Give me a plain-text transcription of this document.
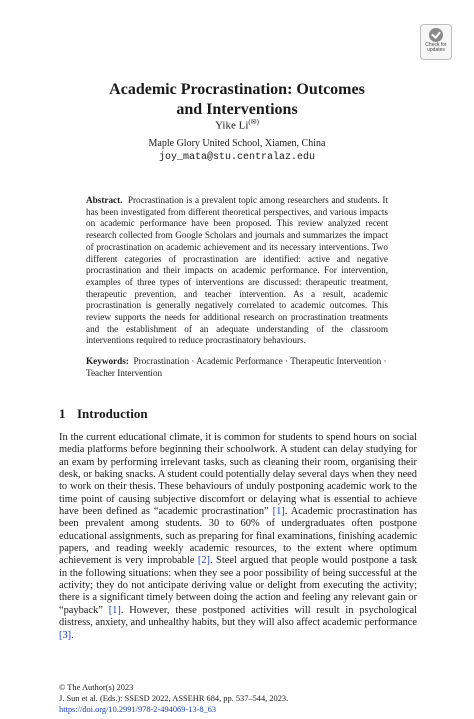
Check for
updates
Academic Procrastination: Outcomes
and Interventions
Yike Li(✉)
Maple Glory United School, Xiamen, China
joy_mata@stu.centralaz.edu
Abstract. Procrastination is a prevalent topic among researchers and students. It has been investigated from different theoretical perspectives, and various impacts on academic performance have been proposed. This review analyzed recent research collected from Google Scholars and journals and summarizes the impact of procrastination on academic achievement and its necessary interventions. Two different categories of procrastination are identified: active and negative procrastination and their impacts on academic performance. For intervention, examples of three types of interventions are discussed: therapeutic treatment, therapeutic prevention, and teacher intervention. As a result, academic procrastination is generally negatively correlated to academic outcomes. This review supports the needs for additional research on procrastination treatments and the establishment of an adequate understanding of the classroom interventions required to reduce procrastinatory behaviours.
Keywords: Procrastination · Academic Performance · Therapeutic Intervention · Teacher Intervention
1 Introduction
In the current educational climate, it is common for students to spend hours on social media platforms before beginning their schoolwork. A student can delay studying for an exam by performing irrelevant tasks, such as cleaning their room, organising their desk, or baking snacks. A student could potentially delay several days when they need to work on their thesis. These behaviours of unduly postponing academic work to the time point of causing subjective discomfort or delaying what is essential to achieve have been defined as “academic procrastination” [1]. Academic procrastination has been prevalent among students. 30 to 60% of undergraduates often postpone educational assignments, such as preparing for final examinations, finishing academic papers, and reading weekly academic resources, to the extent where optimum achievement is very improbable [2]. Steel argued that people would postpone a task in the following situations: when they see a poor possibility of being successful at the activity; they do not anticipate deriving value or delight from executing the activity; there is a significant timely between doing the action and feeling any relevant gain or “payback” [1]. However, these postponed activities will result in psychological distress, anxiety, and unhealthy habits, but they will also affect academic performance [3].
© The Author(s) 2023
J. Sun et al. (Eds.): SSESD 2022, ASSEHR 684, pp. 537–544, 2023.
https://doi.org/10.2991/978-2-494069-13-8_63
